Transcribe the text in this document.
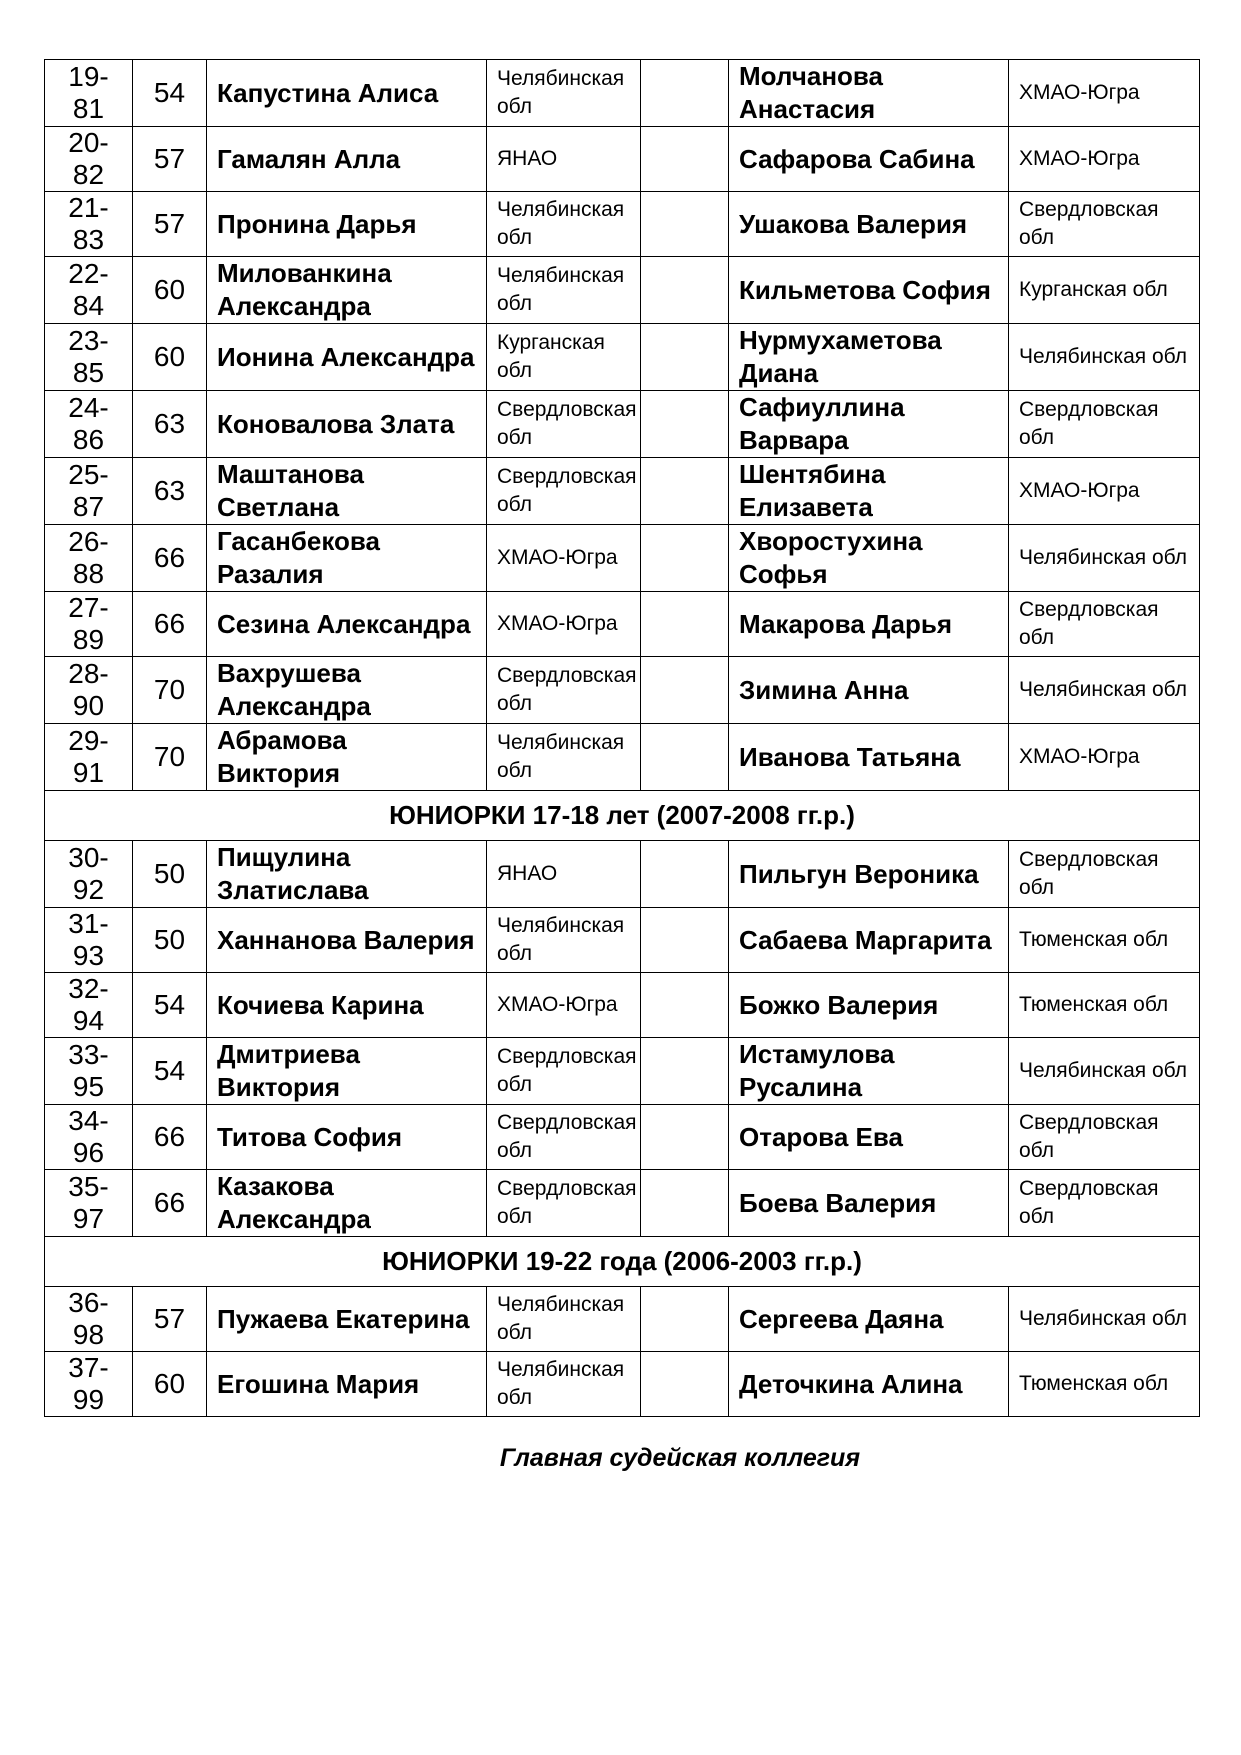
19-81	54	Капустина Алиса	Челябинская обл		Молчанова Анастасия	ХМАО-Югра
20-82	57	Гамалян Алла	ЯНАО		Сафарова Сабина	ХМАО-Югра
21-83	57	Пронина Дарья	Челябинская обл		Ушакова Валерия	Свердловская обл
22-84	60	Милованкина Александра	Челябинская обл		Кильметова София	Курганская обл
23-85	60	Ионина Александра	Курганская обл		Нурмухаметова Диана	Челябинская обл
24-86	63	Коновалова Злата	Свердловская обл		Сафиуллина Варвара	Свердловская обл
25-87	63	Маштанова Светлана	Свердловская обл		Шентябина Елизавета	ХМАО-Югра
26-88	66	Гасанбекова Разалия	ХМАО-Югра		Хворостухина Софья	Челябинская обл
27-89	66	Сезина Александра	ХМАО-Югра		Макарова Дарья	Свердловская обл
28-90	70	Вахрушева Александра	Свердловская обл		Зимина Анна	Челябинская обл
29-91	70	Абрамова Виктория	Челябинская обл		Иванова Татьяна	ХМАО-Югра
ЮНИОРКИ 17-18 лет (2007-2008 гг.р.)						
30-92	50	Пищулина Златислава	ЯНАО		Пильгун Вероника	Свердловская обл
31-93	50	Ханнанова Валерия	Челябинская обл		Сабаева Маргарита	Тюменская обл
32-94	54	Кочиева Карина	ХМАО-Югра		Божко Валерия	Тюменская обл
33-95	54	Дмитриева Виктория	Свердловская обл		Истамулова Русалина	Челябинская обл
34-96	66	Титова София	Свердловская обл		Отарова Ева	Свердловская обл
35-97	66	Казакова Александра	Свердловская обл		Боева Валерия	Свердловская обл
ЮНИОРКИ 19-22 года (2006-2003 гг.р.)						
36-98	57	Пужаева Екатерина	Челябинская обл		Сергеева Даяна	Челябинская обл
37-99	60	Егошина Мария	Челябинская обл		Деточкина Алина	Тюменская обл
Главная судейская коллегия
